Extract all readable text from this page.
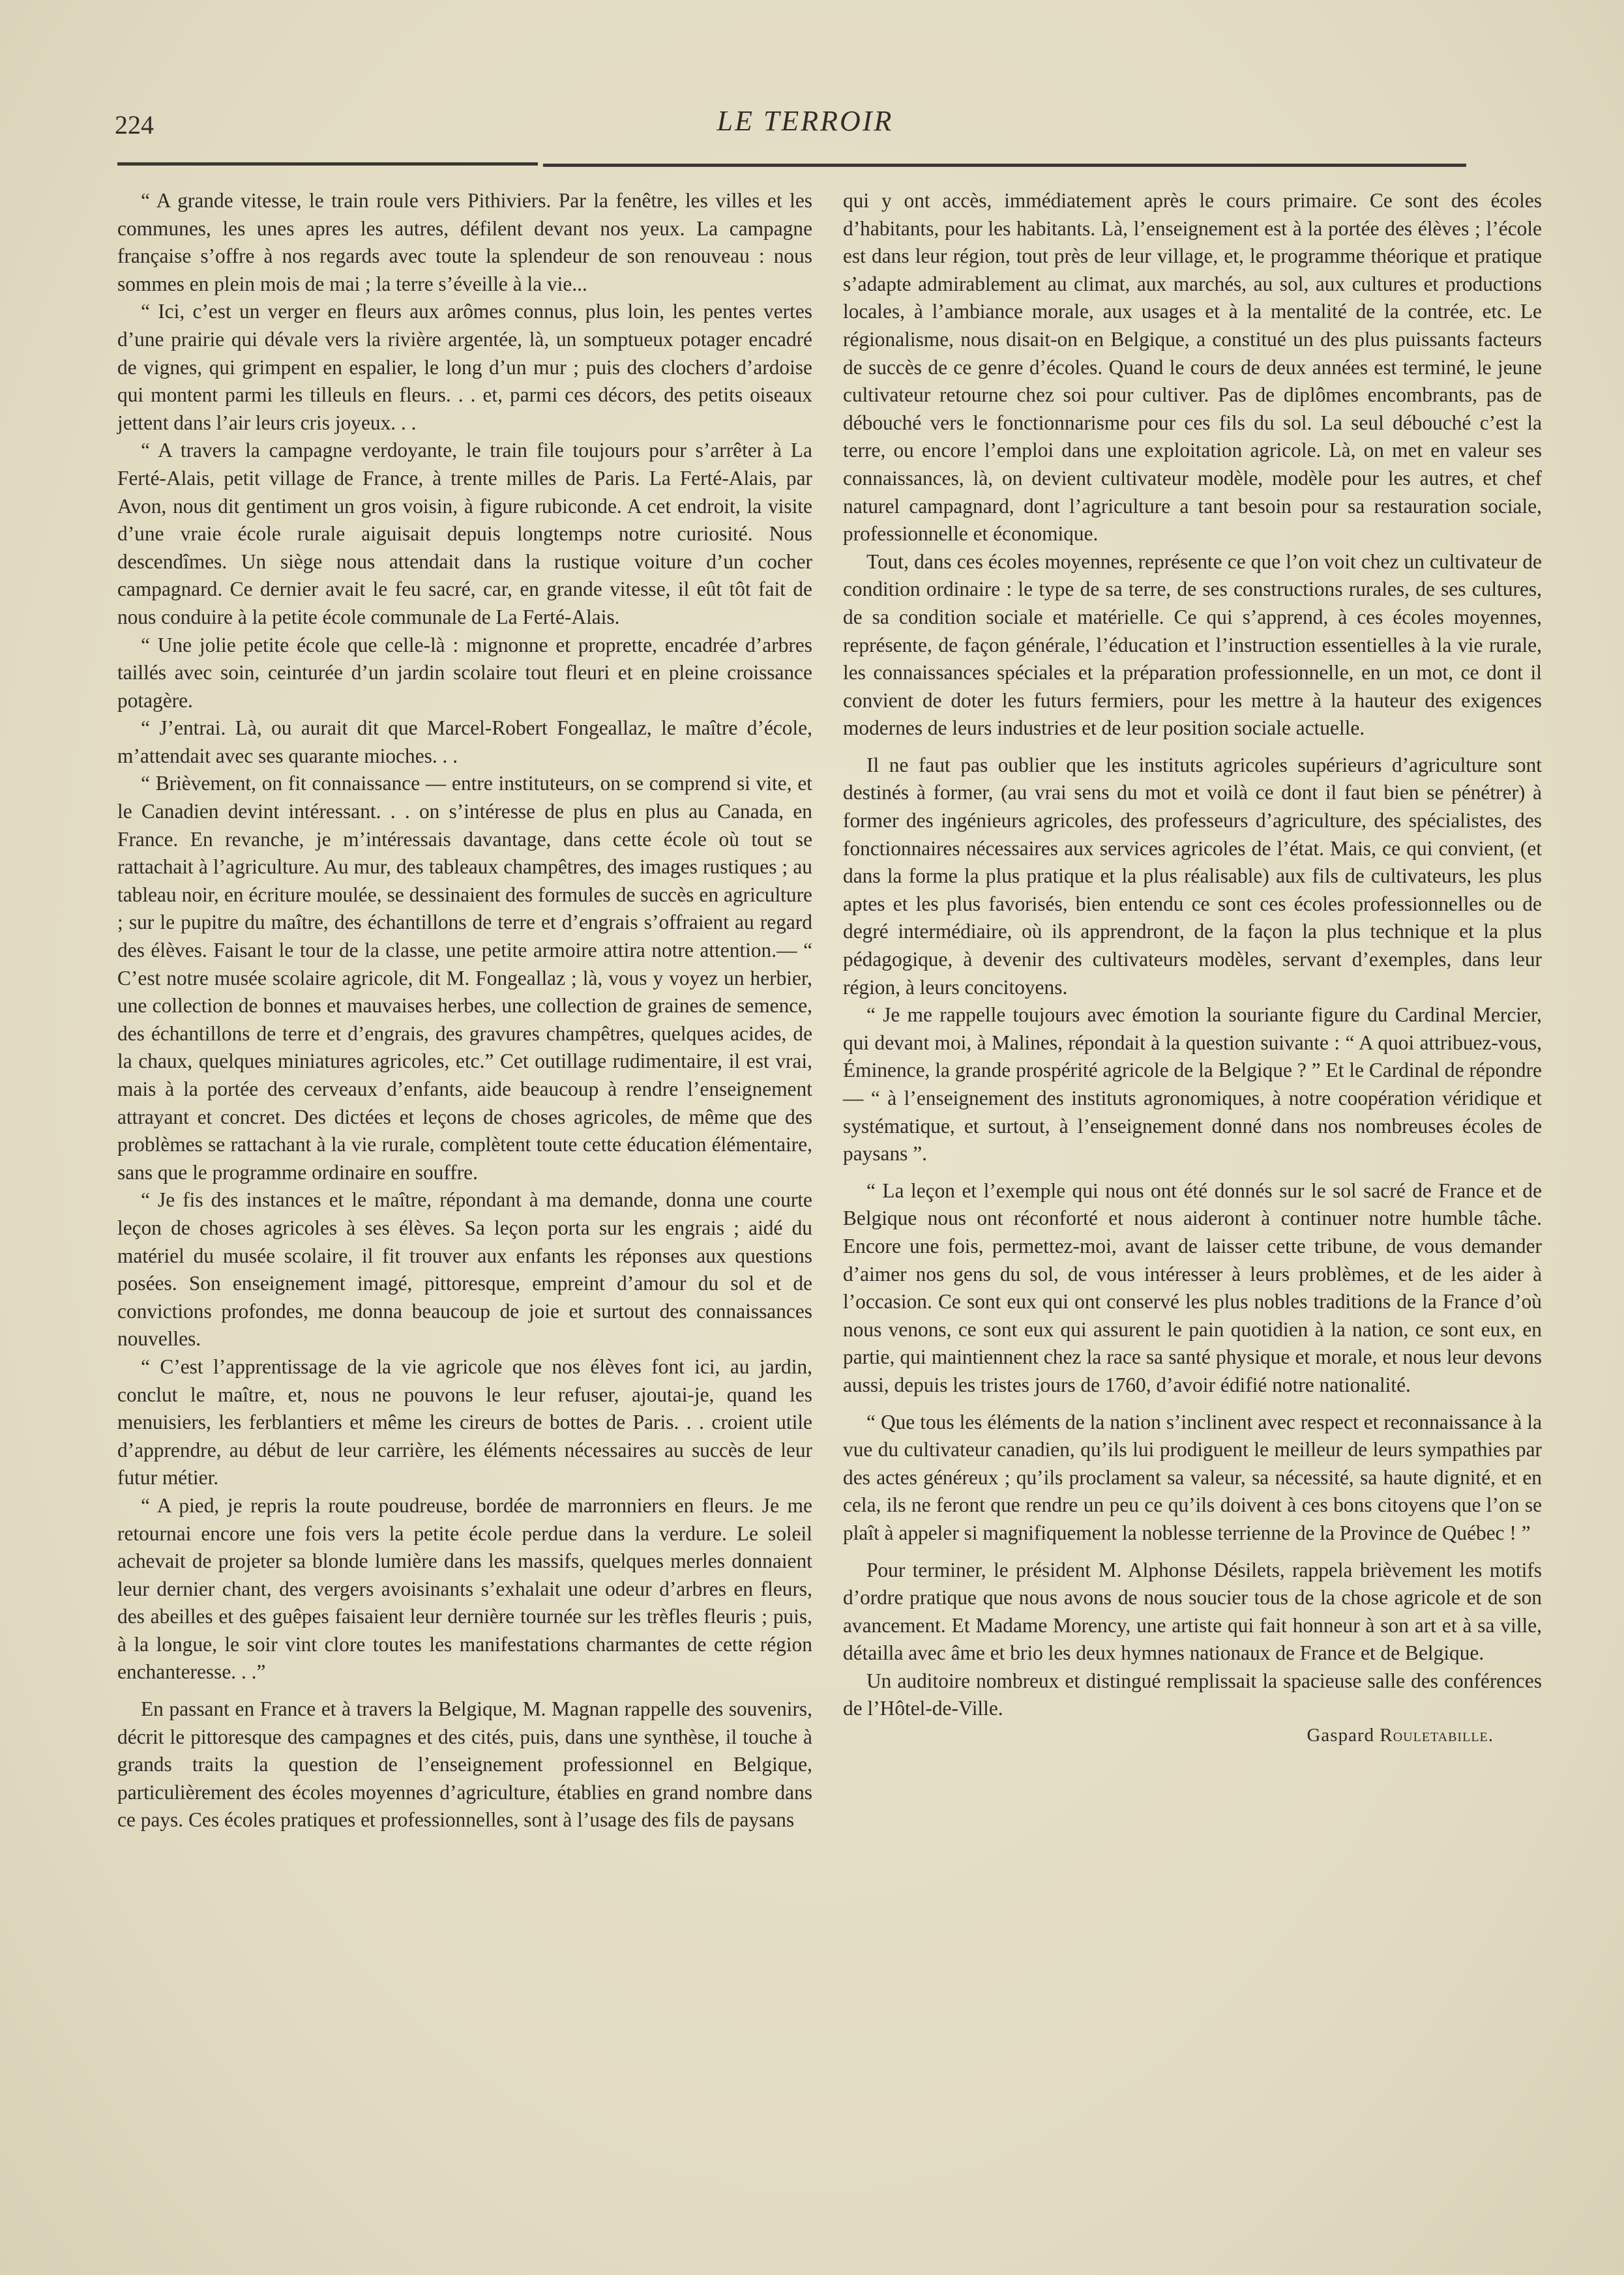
224	LE TERROIR

“ A grande vitesse, le train roule vers Pithiviers. Par la fenêtre, les villes et les communes, les unes apres les autres, défilent devant nos yeux. La campagne française s’offre à nos regards avec toute la splendeur de son renouveau : nous sommes en plein mois de mai ; la terre s’éveille à la vie...

“ Ici, c’est un verger en fleurs aux arômes connus, plus loin, les pentes vertes d’une prairie qui dévale vers la rivière argentée, là, un somptueux potager encadré de vignes, qui grimpent en espalier, le long d’un mur ; puis des clochers d’ardoise qui montent parmi les tilleuls en fleurs. . . et, parmi ces décors, des petits oiseaux jettent dans l’air leurs cris joyeux. . .

“ A travers la campagne verdoyante, le train file toujours pour s’arrêter à La Ferté-Alais, petit village de France, à trente milles de Paris. La Ferté-Alais, par Avon, nous dit gentiment un gros voisin, à figure rubiconde. A cet endroit, la visite d’une vraie école rurale aiguisait depuis longtemps notre curiosité. Nous descendîmes. Un siège nous attendait dans la rustique voiture d’un cocher campagnard. Ce dernier avait le feu sacré, car, en grande vitesse, il eût tôt fait de nous conduire à la petite école communale de La Ferté-Alais.

“ Une jolie petite école que celle-là : mignonne et proprette, encadrée d’arbres taillés avec soin, ceinturée d’un jardin scolaire tout fleuri et en pleine croissance potagère.

“ J’entrai. Là, ou aurait dit que Marcel-Robert Fongeallaz, le maître d’école, m’attendait avec ses quarante mioches. . .

“ Brièvement, on fit connaissance — entre instituteurs, on se comprend si vite, et le Canadien devint intéressant. . . on s’intéresse de plus en plus au Canada, en France. En revanche, je m’intéressais davantage, dans cette école où tout se rattachait à l’agriculture. Au mur, des tableaux champêtres, des images rustiques ; au tableau noir, en écriture moulée, se dessinaient des formules de succès en agriculture ; sur le pupitre du maître, des échantillons de terre et d’engrais s’offraient au regard des élèves. Faisant le tour de la classe, une petite armoire attira notre attention.— “ C’est notre musée scolaire agricole, dit M. Fongeallaz ; là, vous y voyez un herbier, une collection de bonnes et mauvaises herbes, une collection de graines de semence, des échantillons de terre et d’engrais, des gravures champêtres, quelques acides, de la chaux, quelques miniatures agricoles, etc.” Cet outillage rudimentaire, il est vrai, mais à la portée des cerveaux d’enfants, aide beaucoup à rendre l’enseignement attrayant et concret. Des dictées et leçons de choses agricoles, de même que des problèmes se rattachant à la vie rurale, complètent toute cette éducation élémentaire, sans que le programme ordinaire en souffre.

“ Je fis des instances et le maître, répondant à ma demande, donna une courte leçon de choses agricoles à ses élèves. Sa leçon porta sur les engrais ; aidé du matériel du musée scolaire, il fit trouver aux enfants les réponses aux questions posées. Son enseignement imagé, pittoresque, empreint d’amour du sol et de convictions profondes, me donna beaucoup de joie et surtout des connaissances nouvelles.

“ C’est l’apprentissage de la vie agricole que nos élèves font ici, au jardin, conclut le maître, et, nous ne pouvons le leur refuser, ajoutai-je, quand les menuisiers, les ferblantiers et même les cireurs de bottes de Paris. . . croient utile d’apprendre, au début de leur carrière, les éléments nécessaires au succès de leur futur métier.

“ A pied, je repris la route poudreuse, bordée de marronniers en fleurs. Je me retournai encore une fois vers la petite école perdue dans la verdure. Le soleil achevait de projeter sa blonde lumière dans les massifs, quelques merles donnaient leur dernier chant, des vergers avoisinants s’exhalait une odeur d’arbres en fleurs, des abeilles et des guêpes faisaient leur dernière tournée sur les trèfles fleuris ; puis, à la longue, le soir vint clore toutes les manifestations charmantes de cette région enchanteresse. . .”

En passant en France et à travers la Belgique, M. Magnan rappelle des souvenirs, décrit le pittoresque des campagnes et des cités, puis, dans une synthèse, il touche à grands traits la question de l’enseignement professionnel en Belgique, particulièrement des écoles moyennes d’agriculture, établies en grand nombre dans ce pays. Ces écoles pratiques et professionnelles, sont à l’usage des fils de paysans

qui y ont accès, immédiatement après le cours primaire. Ce sont des écoles d’habitants, pour les habitants. Là, l’enseignement est à la portée des élèves ; l’école est dans leur région, tout près de leur village, et, le programme théorique et pratique s’adapte admirablement au climat, aux marchés, au sol, aux cultures et productions locales, à l’ambiance morale, aux usages et à la mentalité de la contrée, etc. Le régionalisme, nous disait-on en Belgique, a constitué un des plus puissants facteurs de succès de ce genre d’écoles. Quand le cours de deux années est terminé, le jeune cultivateur retourne chez soi pour cultiver. Pas de diplômes encombrants, pas de débouché vers le fonctionnarisme pour ces fils du sol. La seul débouché c’est la terre, ou encore l’emploi dans une exploitation agricole. Là, on met en valeur ses connaissances, là, on devient cultivateur modèle, modèle pour les autres, et chef naturel campagnard, dont l’agriculture a tant besoin pour sa restauration sociale, professionnelle et économique.

Tout, dans ces écoles moyennes, représente ce que l’on voit chez un cultivateur de condition ordinaire : le type de sa terre, de ses constructions rurales, de ses cultures, de sa condition sociale et matérielle. Ce qui s’apprend, à ces écoles moyennes, représente, de façon générale, l’éducation et l’instruction essentielles à la vie rurale, les connaissances spéciales et la préparation professionnelle, en un mot, ce dont il convient de doter les futurs fermiers, pour les mettre à la hauteur des exigences modernes de leurs industries et de leur position sociale actuelle.

Il ne faut pas oublier que les instituts agricoles supérieurs d’agriculture sont destinés à former, (au vrai sens du mot et voilà ce dont il faut bien se pénétrer) à former des ingénieurs agricoles, des professeurs d’agriculture, des spécialistes, des fonctionnaires nécessaires aux services agricoles de l’état. Mais, ce qui convient, (et dans la forme la plus pratique et la plus réalisable) aux fils de cultivateurs, les plus aptes et les plus favorisés, bien entendu ce sont ces écoles professionnelles ou de degré intermédiaire, où ils apprendront, de la façon la plus technique et la plus pédagogique, à devenir des cultivateurs modèles, servant d’exemples, dans leur région, à leurs concitoyens.

“ Je me rappelle toujours avec émotion la souriante figure du Cardinal Mercier, qui devant moi, à Malines, répondait à la question suivante : “ A quoi attribuez-vous, Éminence, la grande prospérité agricole de la Belgique ? ” Et le Cardinal de répondre — “ à l’enseignement des instituts agronomiques, à notre coopération véridique et systématique, et surtout, à l’enseignement donné dans nos nombreuses écoles de paysans ”.

“ La leçon et l’exemple qui nous ont été donnés sur le sol sacré de France et de Belgique nous ont réconforté et nous aideront à continuer notre humble tâche. Encore une fois, permettez-moi, avant de laisser cette tribune, de vous demander d’aimer nos gens du sol, de vous intéresser à leurs problèmes, et de les aider à l’occasion. Ce sont eux qui ont conservé les plus nobles traditions de la France d’où nous venons, ce sont eux qui assurent le pain quotidien à la nation, ce sont eux, en partie, qui maintiennent chez la race sa santé physique et morale, et nous leur devons aussi, depuis les tristes jours de 1760, d’avoir édifié notre nationalité.

“ Que tous les éléments de la nation s’inclinent avec respect et reconnaissance à la vue du cultivateur canadien, qu’ils lui prodiguent le meilleur de leurs sympathies par des actes généreux ; qu’ils proclament sa valeur, sa nécessité, sa haute dignité, et en cela, ils ne feront que rendre un peu ce qu’ils doivent à ces bons citoyens que l’on se plaît à appeler si magnifiquement la noblesse terrienne de la Province de Québec ! ”

Pour terminer, le président M. Alphonse Désilets, rappela brièvement les motifs d’ordre pratique que nous avons de nous soucier tous de la chose agricole et de son avancement. Et Madame Morency, une artiste qui fait honneur à son art et à sa ville, détailla avec âme et brio les deux hymnes nationaux de France et de Belgique.

Un auditoire nombreux et distingué remplissait la spacieuse salle des conférences de l’Hôtel-de-Ville.

Gaspard Rouletabille.
